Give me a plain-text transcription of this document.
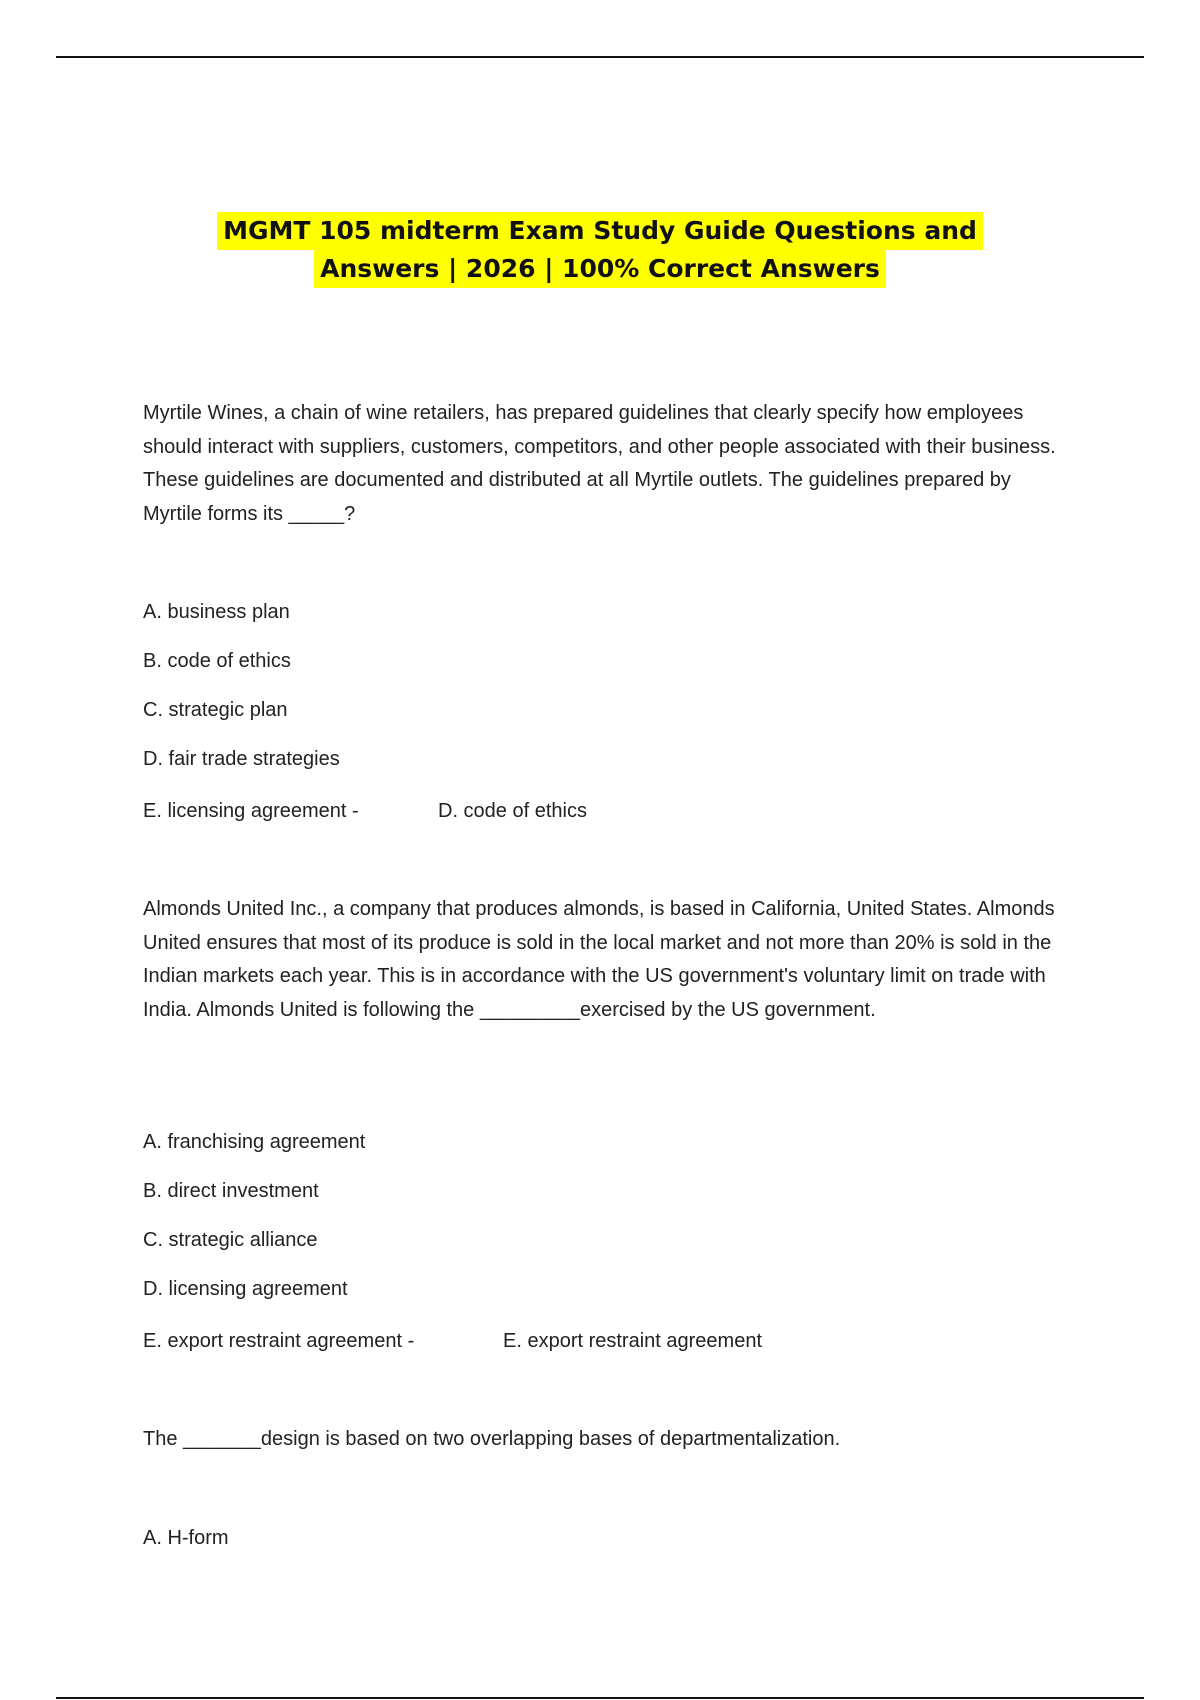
MGMT 105 midterm Exam Study Guide Questions and
Answers | 2026 | 100% Correct Answers
Myrtile Wines, a chain of wine retailers, has prepared guidelines that clearly specify how employees should interact with suppliers, customers, competitors, and other people associated with their business. These guidelines are documented and distributed at all Myrtile outlets. The guidelines prepared by Myrtile forms its _____?
A. business plan
B. code of ethics
C. strategic plan
D. fair trade strategies
E. licensing agreement -	D. code of ethics
Almonds United Inc., a company that produces almonds, is based in California, United States. Almonds United ensures that most of its produce is sold in the local market and not more than 20% is sold in the Indian markets each year. This is in accordance with the US government's voluntary limit on trade with India. Almonds United is following the _________exercised by the US government.
A. franchising agreement
B. direct investment
C. strategic alliance
D. licensing agreement
E. export restraint agreement -	E. export restraint agreement
The _______design is based on two overlapping bases of departmentalization.
A. H-form
